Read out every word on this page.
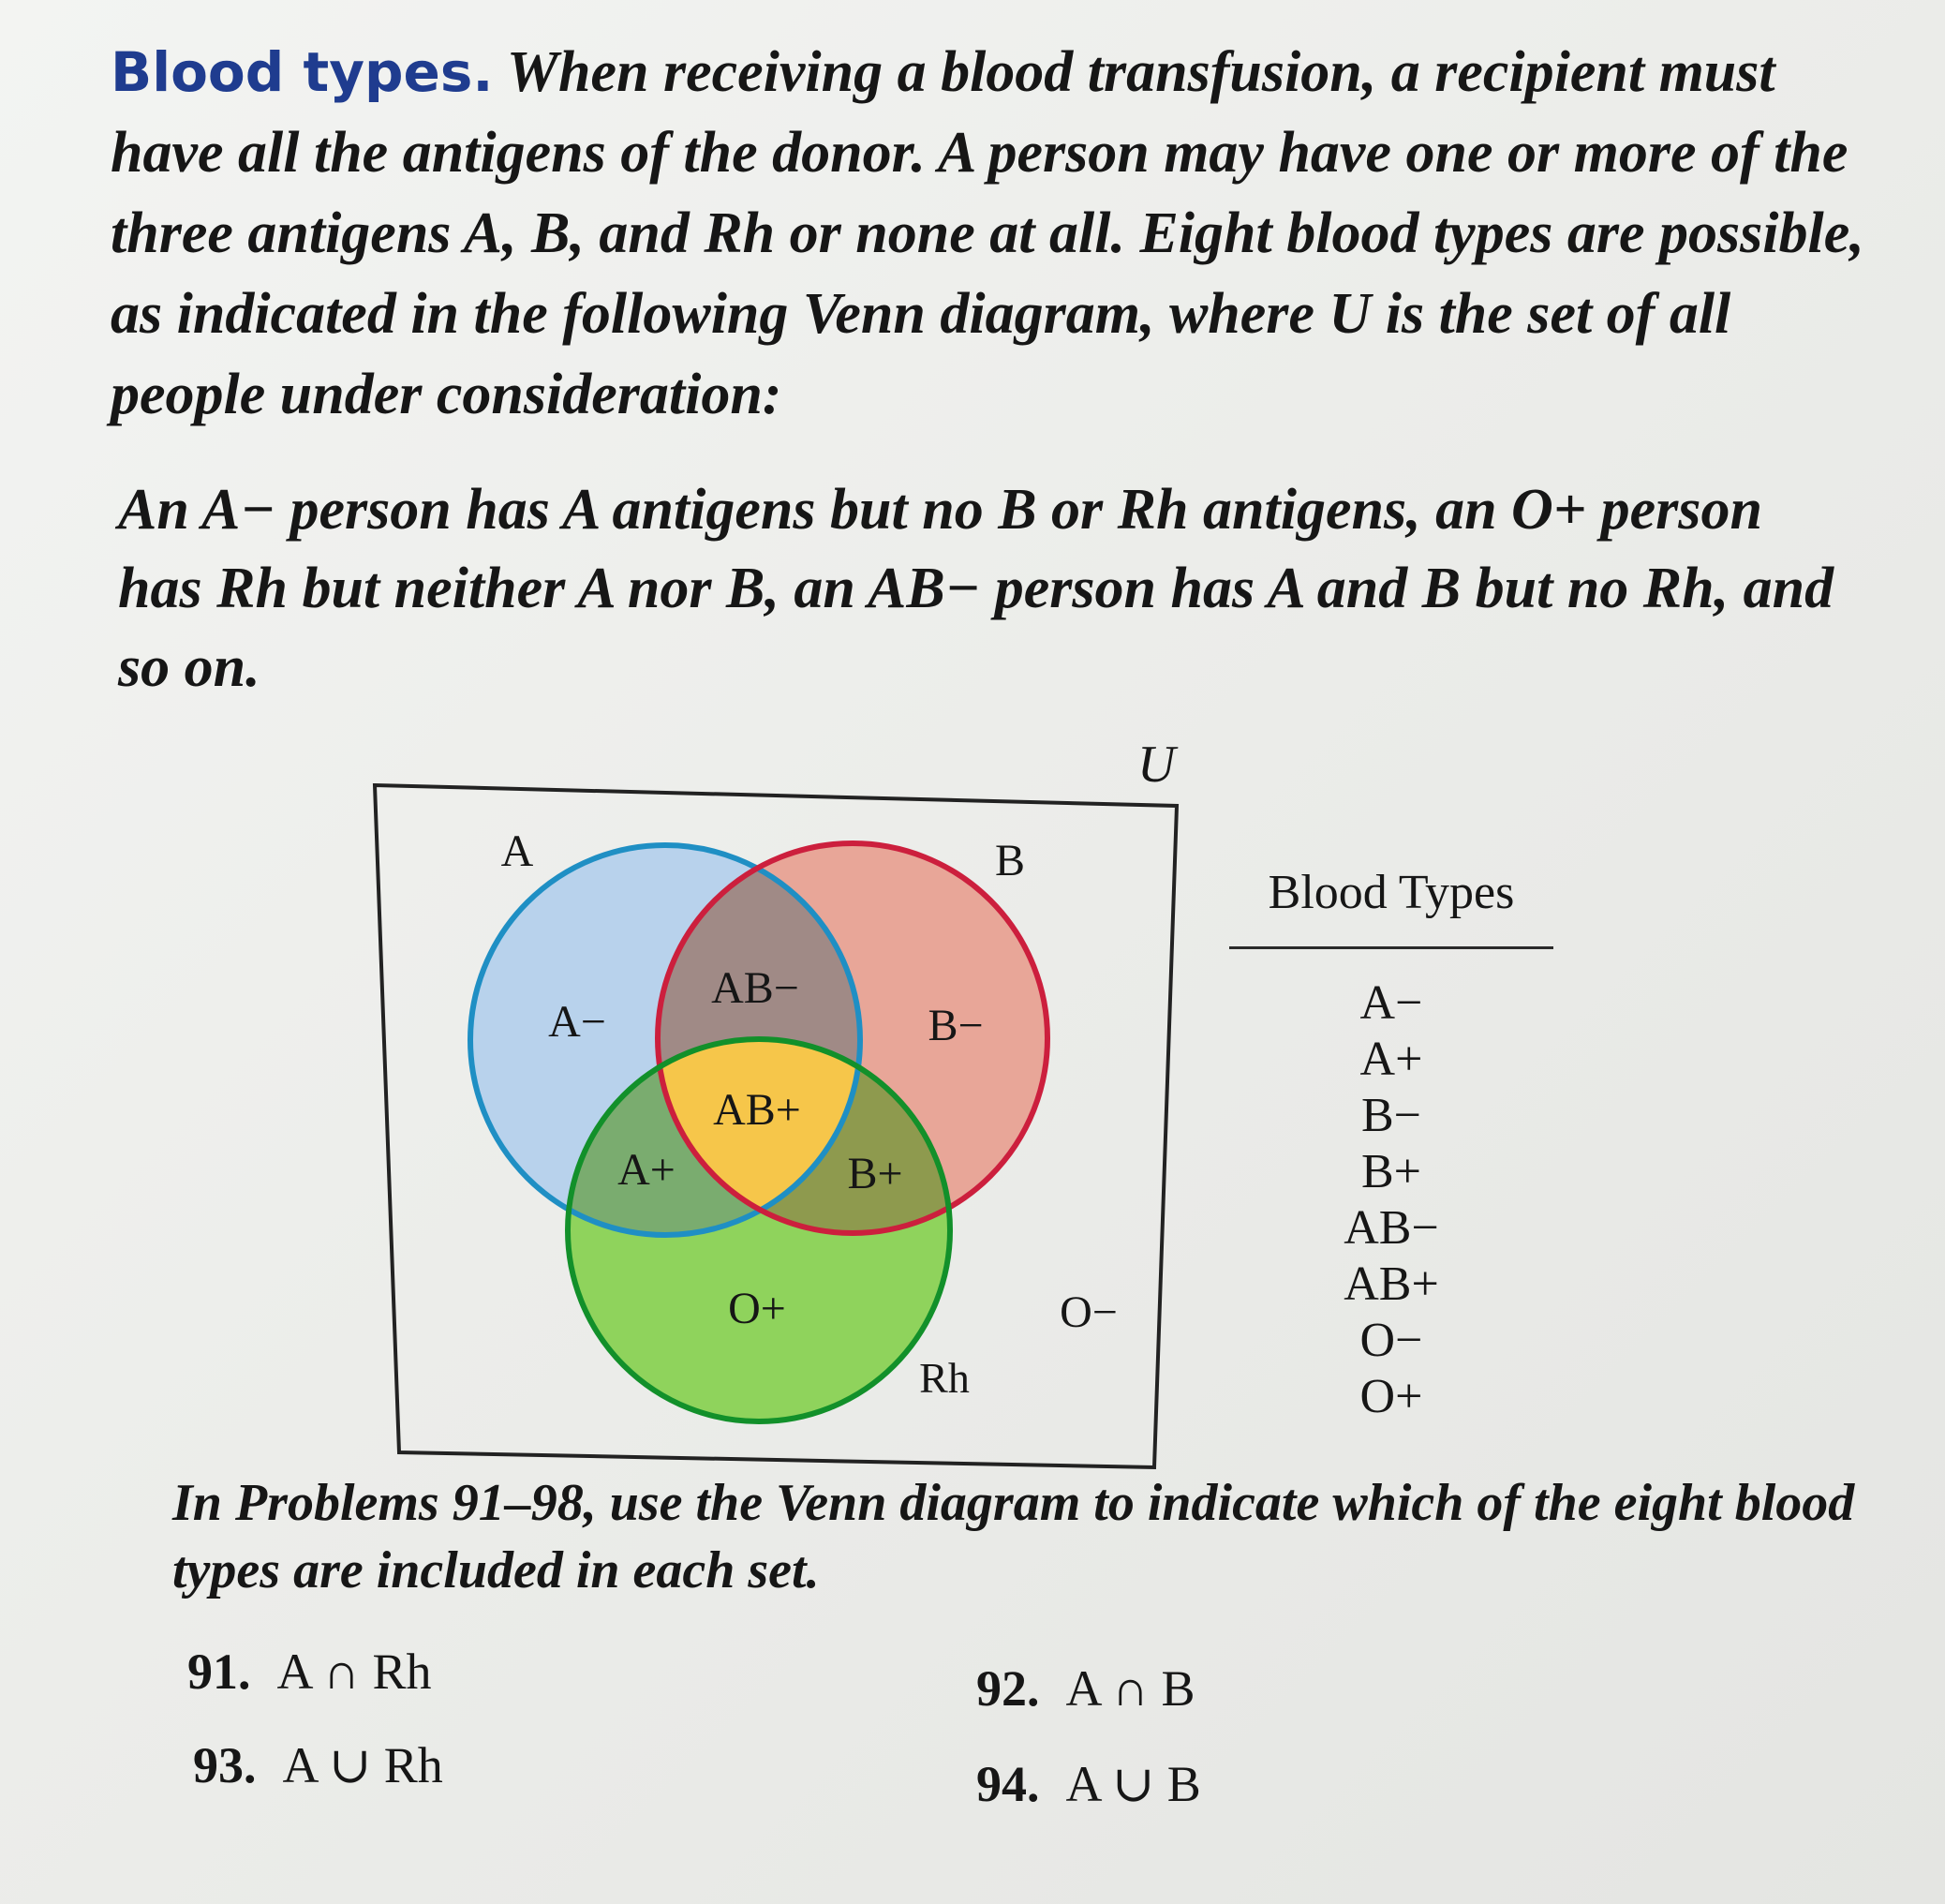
Blood types. When receiving a blood transfusion, a recipient must have all the antigens of the donor. A person may have one or more of the three antigens A, B, and Rh or none at all. Eight blood types are possible, as indicated in the following Venn diagram, where U is the set of all people under consideration:

An A− person has A antigens but no B or Rh antigens, an O+ person has Rh but neither A nor B, an AB− person has A and B but no Rh, and so on.

A	B
Rh
A−
AB−
B−
AB+
A+	B+
O+	O−
U
Blood Types
A−
A+
B−
B+
AB−
AB+
O−
O+

In Problems 91–98, use the Venn diagram to indicate which of the eight blood types are included in each set.

91. A ∩ Rh	92. A ∩ B
93. A ∪ Rh	94. A ∪ B
